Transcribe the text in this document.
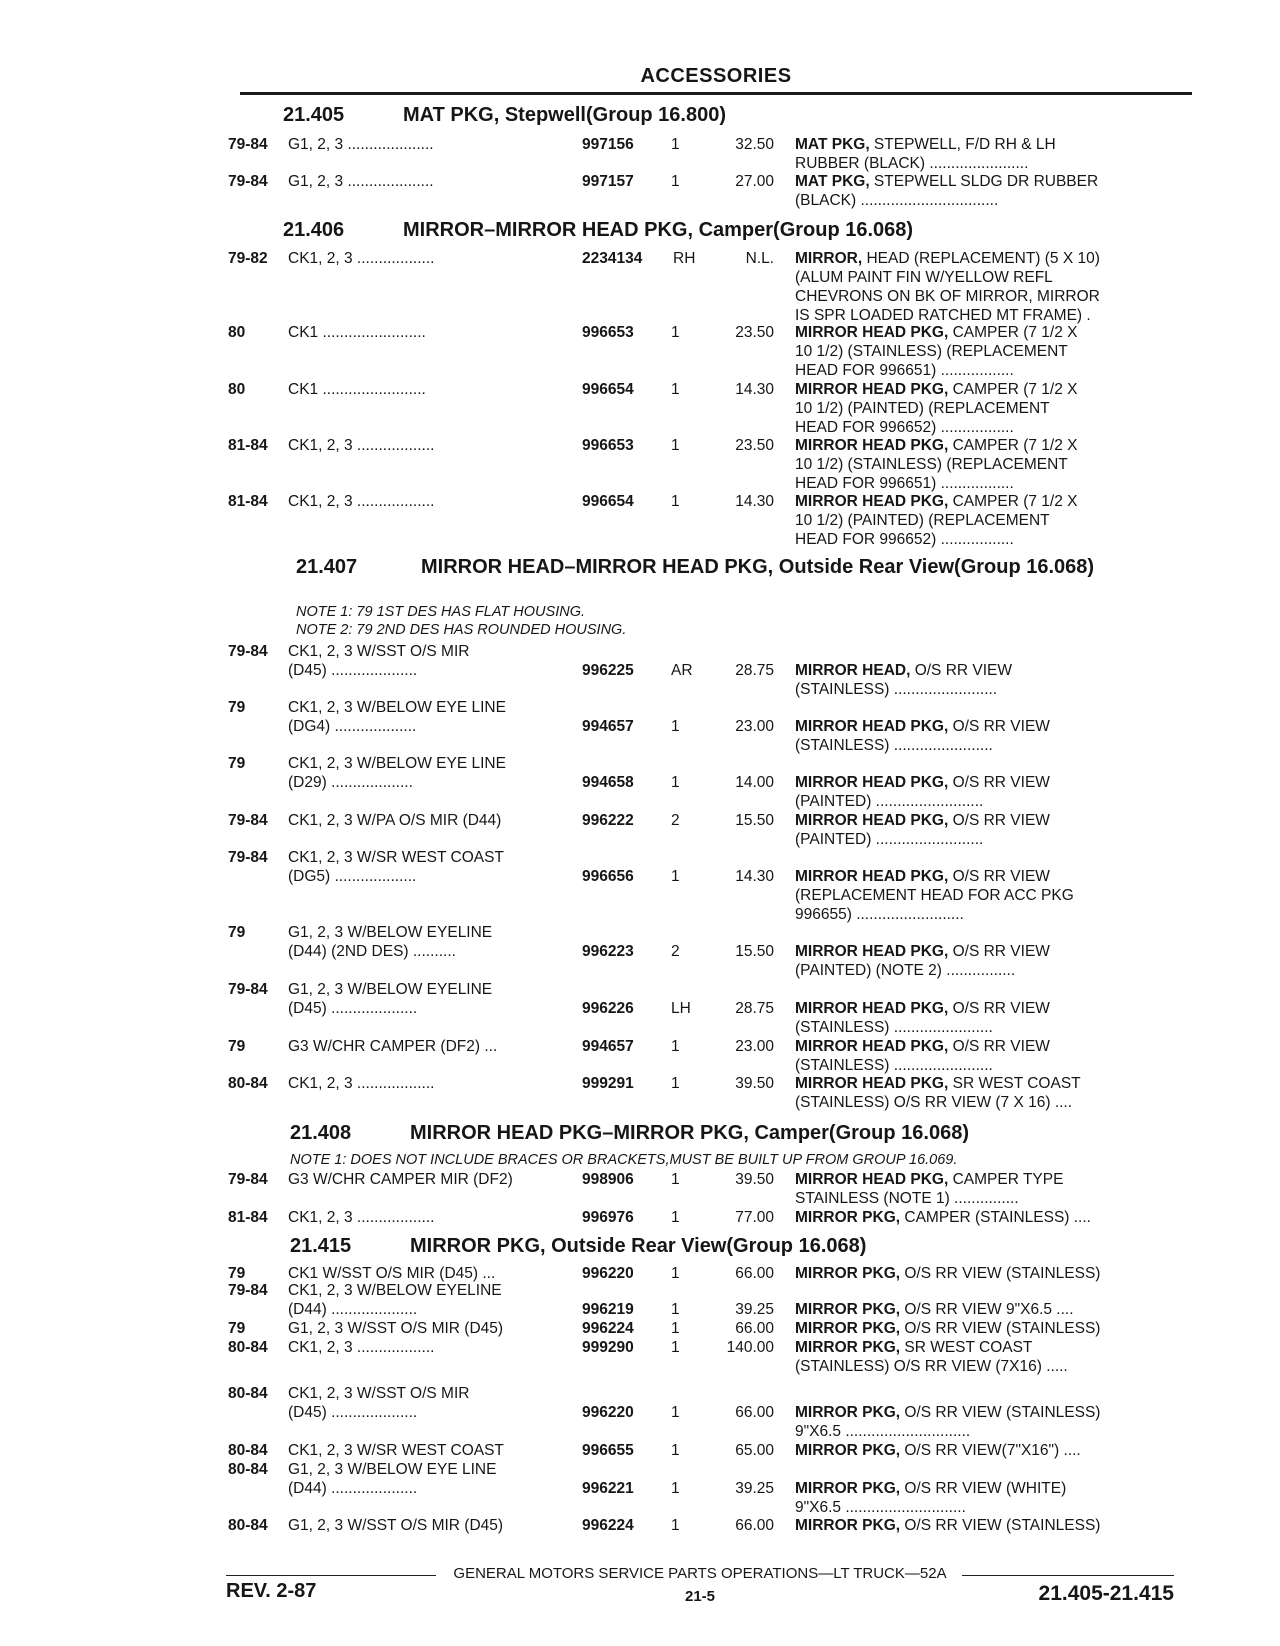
ACCESSORIES
21.405	MAT PKG, Stepwell(Group 16.800)
79-84 G1, 2, 3 ....................	997156 1	32.50 MAT PKG, STEPWELL, F/D RH & LH
RUBBER (BLACK) .......................
79-84 G1, 2, 3 ....................	997157 1	27.00 MAT PKG, STEPWELL SLDG DR RUBBER
(BLACK) ................................
21.406	MIRROR–MIRROR HEAD PKG, Camper(Group 16.068)
79-82 CK1, 2, 3 ..................	2234134 RH	N.L. MIRROR, HEAD (REPLACEMENT) (5 X 10)
(ALUM PAINT FIN W/YELLOW REFL
CHEVRONS ON BK OF MIRROR, MIRROR
IS SPR LOADED RATCHED MT FRAME) .
80	CK1 ........................	996653 1	23.50 MIRROR HEAD PKG, CAMPER (7 1/2 X
10 1/2) (STAINLESS) (REPLACEMENT
HEAD FOR 996651) .................
80	CK1 ........................	996654 1	14.30 MIRROR HEAD PKG, CAMPER (7 1/2 X
10 1/2) (PAINTED) (REPLACEMENT
HEAD FOR 996652) .................
81-84 CK1, 2, 3 ..................	996653 1	23.50 MIRROR HEAD PKG, CAMPER (7 1/2 X
10 1/2) (STAINLESS) (REPLACEMENT
HEAD FOR 996651) .................
81-84 CK1, 2, 3 ..................	996654 1	14.30 MIRROR HEAD PKG, CAMPER (7 1/2 X
10 1/2) (PAINTED) (REPLACEMENT
HEAD FOR 996652) .................
21.407	MIRROR HEAD–MIRROR HEAD PKG, Outside Rear View(Group 16.068)
NOTE 1: 79 1ST DES HAS FLAT HOUSING.
NOTE 2: 79 2ND DES HAS ROUNDED HOUSING.
79-84 CK1, 2, 3 W/SST O/S MIR
(D45) ....................	996225 AR	28.75 MIRROR HEAD, O/S RR VIEW
(STAINLESS) ........................
79	CK1, 2, 3 W/BELOW EYE LINE
(DG4) ...................	994657 1	23.00 MIRROR HEAD PKG, O/S RR VIEW
(STAINLESS) .......................
79	CK1, 2, 3 W/BELOW EYE LINE
(D29) ...................	994658 1	14.00 MIRROR HEAD PKG, O/S RR VIEW
(PAINTED) .........................
79-84 CK1, 2, 3 W/PA O/S MIR (D44)	996222 2	15.50 MIRROR HEAD PKG, O/S RR VIEW
(PAINTED) .........................
79-84 CK1, 2, 3 W/SR WEST COAST
(DG5) ...................	996656 1	14.30 MIRROR HEAD PKG, O/S RR VIEW
(REPLACEMENT HEAD FOR ACC PKG
996655) .........................
79	G1, 2, 3 W/BELOW EYELINE
(D44) (2ND DES) ..........	996223 2	15.50 MIRROR HEAD PKG, O/S RR VIEW
(PAINTED) (NOTE 2) ................
79-84 G1, 2, 3 W/BELOW EYELINE
(D45) ....................	996226 LH	28.75 MIRROR HEAD PKG, O/S RR VIEW
(STAINLESS) .......................
79	G3 W/CHR CAMPER (DF2) ...	994657 1	23.00 MIRROR HEAD PKG, O/S RR VIEW
(STAINLESS) .......................
80-84 CK1, 2, 3 ..................	999291 1	39.50 MIRROR HEAD PKG, SR WEST COAST
(STAINLESS) O/S RR VIEW (7 X 16) ....
21.408	MIRROR HEAD PKG–MIRROR PKG, Camper(Group 16.068)
NOTE 1: DOES NOT INCLUDE BRACES OR BRACKETS,MUST BE BUILT UP FROM GROUP 16.069.
79-84 G3 W/CHR CAMPER MIR (DF2)	998906 1	39.50 MIRROR HEAD PKG, CAMPER TYPE
STAINLESS (NOTE 1) ...............
81-84 CK1, 2, 3 ..................	996976 1	77.00 MIRROR PKG, CAMPER (STAINLESS) ....
21.415	MIRROR PKG, Outside Rear View(Group 16.068)
79	CK1 W/SST O/S MIR (D45) ...	996220 1	66.00 MIRROR PKG, O/S RR VIEW (STAINLESS)
79-84 CK1, 2, 3 W/BELOW EYELINE
(D44) ....................	996219 1	39.25 MIRROR PKG, O/S RR VIEW 9"X6.5 ....
79	G1, 2, 3 W/SST O/S MIR (D45)	996224 1	66.00 MIRROR PKG, O/S RR VIEW (STAINLESS)
80-84 CK1, 2, 3 ..................	999290 1	140.00 MIRROR PKG, SR WEST COAST
(STAINLESS) O/S RR VIEW (7X16) .....
80-84 CK1, 2, 3 W/SST O/S MIR
(D45) ....................	996220 1	66.00 MIRROR PKG, O/S RR VIEW (STAINLESS)
9"X6.5 .............................
80-84 CK1, 2, 3 W/SR WEST COAST	996655 1	65.00 MIRROR PKG, O/S RR VIEW(7"X16") ....
80-84 G1, 2, 3 W/BELOW EYE LINE
(D44) ....................	996221 1	39.25 MIRROR PKG, O/S RR VIEW (WHITE)
9"X6.5 ............................
80-84 G1, 2, 3 W/SST O/S MIR (D45)	996224 1	66.00 MIRROR PKG, O/S RR VIEW (STAINLESS)
GENERAL MOTORS SERVICE PARTS OPERATIONS—LT TRUCK—52A
REV. 2-87	21-5	21.405-21.415
